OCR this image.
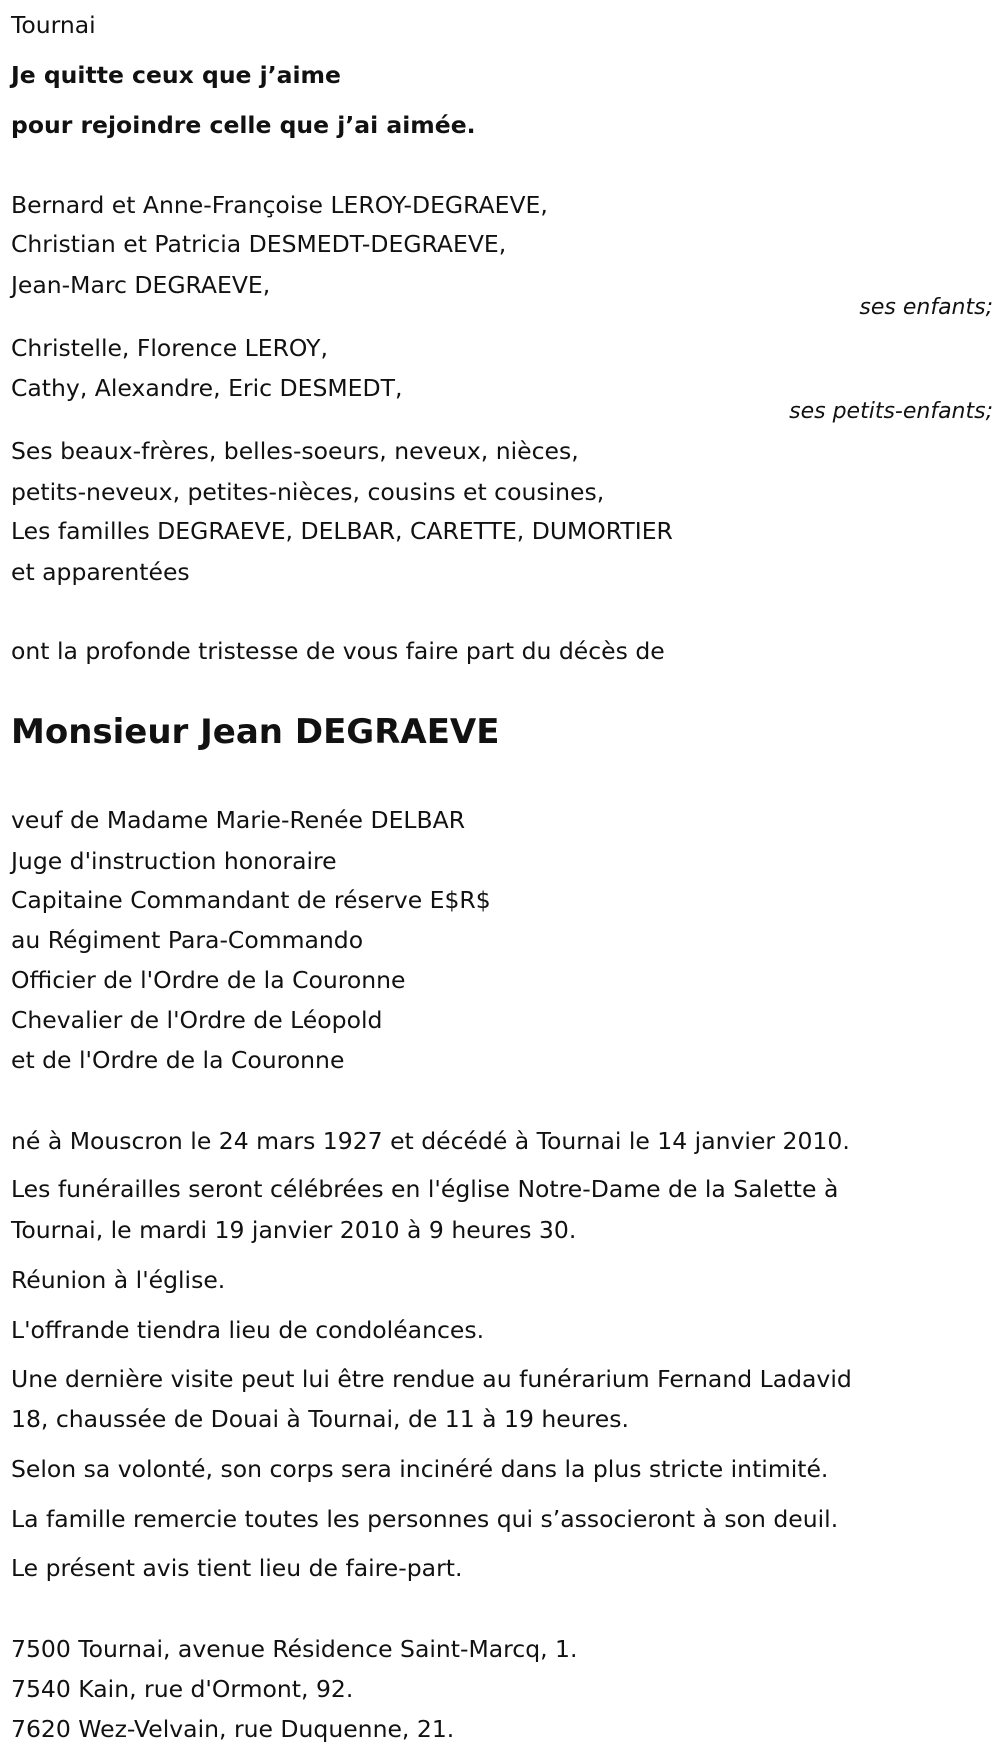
Tournai
Je quitte ceux que j’aime
pour rejoindre celle que j’ai aimée.
Bernard et Anne-Françoise LEROY-DEGRAEVE,
Christian et Patricia DESMEDT-DEGRAEVE,
Jean-Marc DEGRAEVE,
ses enfants;
Christelle, Florence LEROY,
Cathy, Alexandre, Eric DESMEDT,
ses petits-enfants;
Ses beaux-frères, belles-soeurs, neveux, nièces,
petits-neveux, petites-nièces, cousins et cousines,
Les familles DEGRAEVE, DELBAR, CARETTE, DUMORTIER
et apparentées
ont la profonde tristesse de vous faire part du décès de
Monsieur Jean DEGRAEVE
veuf de Madame Marie-Renée DELBAR
Juge d'instruction honoraire
Capitaine Commandant de réserve E$R$
au Régiment Para-Commando
Officier de l'Ordre de la Couronne
Chevalier de l'Ordre de Léopold
et de l'Ordre de la Couronne
né à Mouscron le 24 mars 1927 et décédé à Tournai le 14 janvier 2010.
Les funérailles seront célébrées en l'église Notre-Dame de la Salette à
Tournai, le mardi 19 janvier 2010 à 9 heures 30.
Réunion à l'église.
L'offrande tiendra lieu de condoléances.
Une dernière visite peut lui être rendue au funérarium Fernand Ladavid
18, chaussée de Douai à Tournai, de 11 à 19 heures.
Selon sa volonté, son corps sera incinéré dans la plus stricte intimité.
La famille remercie toutes les personnes qui s’associeront à son deuil.
Le présent avis tient lieu de faire-part.
7500 Tournai, avenue Résidence Saint-Marcq, 1.
7540 Kain, rue d'Ormont, 92.
7620 Wez-Velvain, rue Duquenne, 21.
